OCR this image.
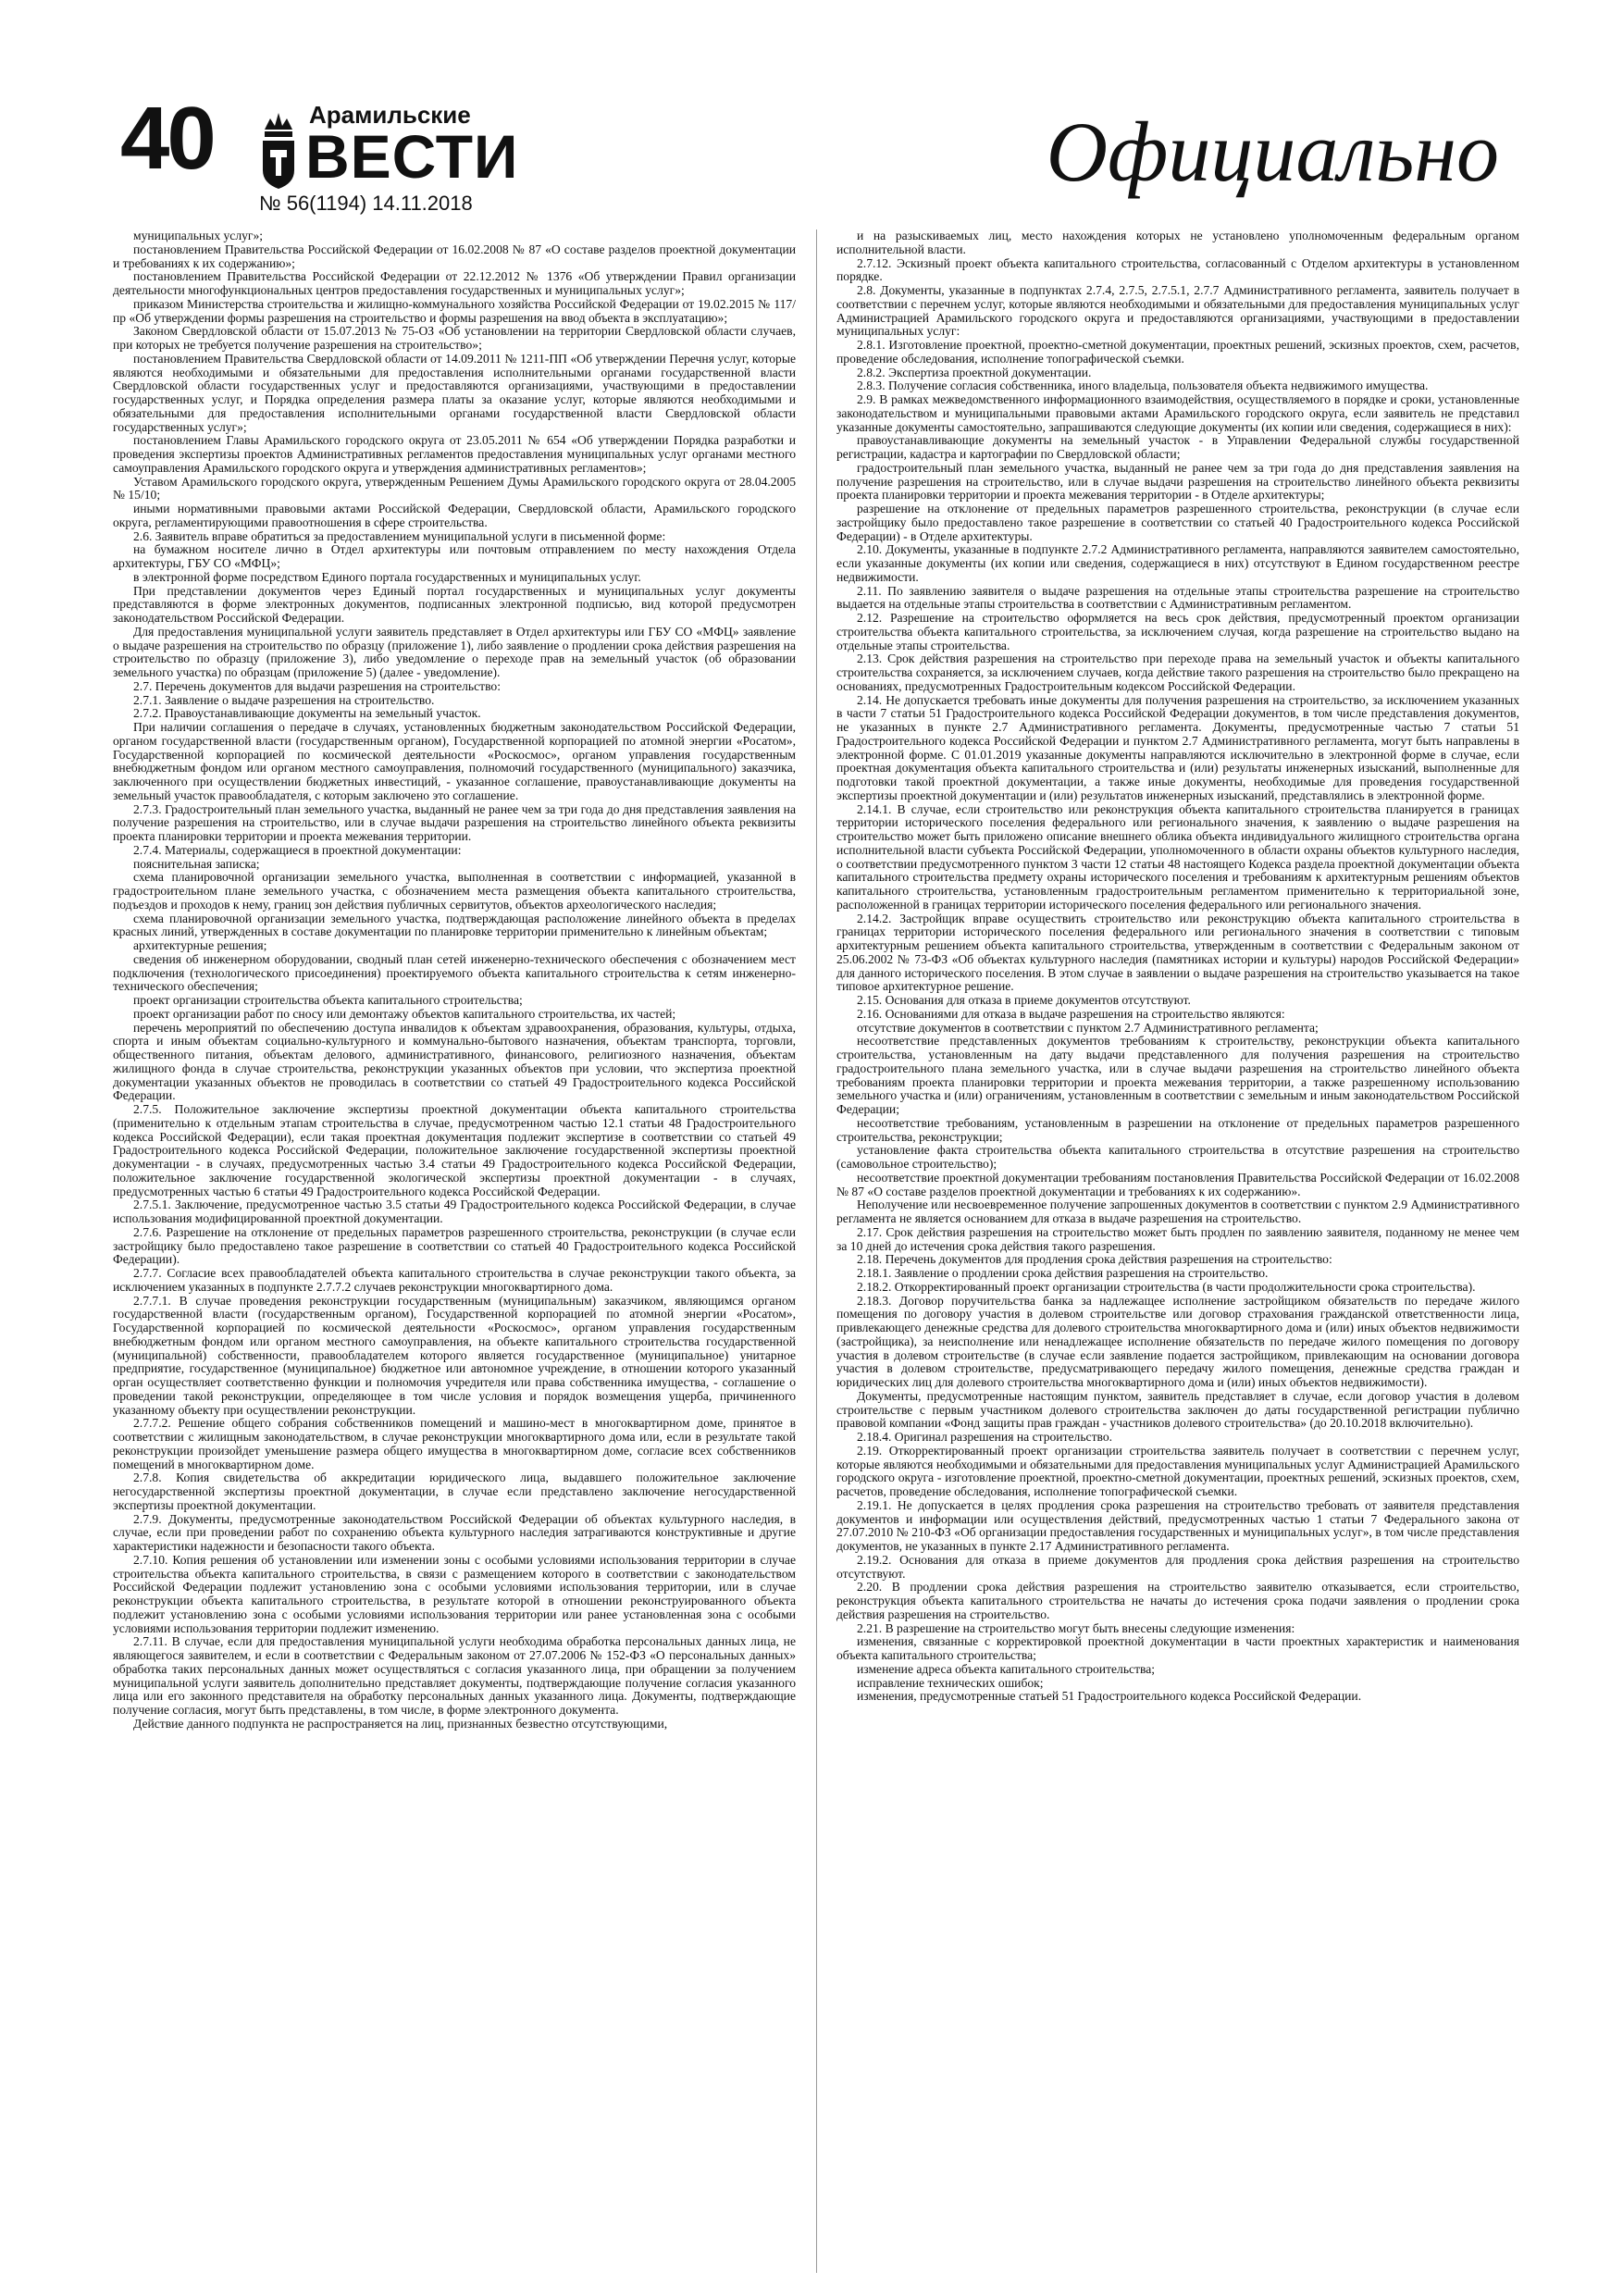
40	Арамильские
ВЕСТИ
№ 56(1194) 14.11.2018
Официально

муниципальных услуг»;

постановлением Правительства Российской Федерации от 16.02.2008 № 87 «О составе разделов проектной документации и требованиях к их содержанию»;

постановлением Правительства Российской Федерации от 22.12.2012 № 1376 «Об утверждении Правил организации деятельности многофункциональных центров предоставления государственных и муниципальных услуг»;

приказом Министерства строительства и жилищно-коммунального хозяйства Российской Федерации от 19.02.2015 № 117/пр «Об утверждении формы разрешения на строительство и формы разрешения на ввод объекта в эксплуатацию»;

Законом Свердловской области от 15.07.2013 № 75-ОЗ «Об установлении на территории Свердловской области случаев, при которых не требуется получение разрешения на строительство»;

постановлением Правительства Свердловской области от 14.09.2011 № 1211-ПП «Об утверждении Перечня услуг, которые являются необходимыми и обязательными для предоставления исполнительными органами государственной власти Свердловской области государственных услуг и предоставляются организациями, участвующими в предоставлении государственных услуг, и Порядка определения размера платы за оказание услуг, которые являются необходимыми и обязательными для предоставления исполнительными органами государственной власти Свердловской области государственных услуг»;

постановлением Главы Арамильского городского округа от 23.05.2011 № 654 «Об утверждении Порядка разработки и проведения экспертизы проектов Административных регламентов предоставления муниципальных услуг органами местного самоуправления Арамильского городского округа и утверждения административных регламентов»;

Уставом Арамильского городского округа, утвержденным Решением Думы Арамильского городского округа от 28.04.2005 № 15/10;

иными нормативными правовыми актами Российской Федерации, Свердловской области, Арамильского городского округа, регламентирующими правоотношения в сфере строительства.

2.6. Заявитель вправе обратиться за предоставлением муниципальной услуги в письменной форме:

на бумажном носителе лично в Отдел архитектуры или почтовым отправлением по месту нахождения Отдела архитектуры, ГБУ СО «МФЦ»;

в электронной форме посредством Единого портала государственных и муниципальных услуг.

При представлении документов через Единый портал государственных и муниципальных услуг документы представляются в форме электронных документов, подписанных электронной подписью, вид которой предусмотрен законодательством Российской Федерации.

Для предоставления муниципальной услуги заявитель представляет в Отдел архитектуры или ГБУ СО «МФЦ» заявление о выдаче разрешения на строительство по образцу (приложение 1), либо заявление о продлении срока действия разрешения на строительство по образцу (приложение 3), либо уведомление о переходе прав на земельный участок (об образовании земельного участка) по образцам (приложение 5) (далее - уведомление).

2.7. Перечень документов для выдачи разрешения на строительство:

2.7.1. Заявление о выдаче разрешения на строительство.

2.7.2. Правоустанавливающие документы на земельный участок.

При наличии соглашения о передаче в случаях, установленных бюджетным законодательством Российской Федерации, органом государственной власти (государственным органом), Государственной корпорацией по атомной энергии «Росатом», Государственной корпорацией по космической деятельности «Роскосмос», органом управления государственным внебюджетным фондом или органом местного самоуправления, полномочий государственного (муниципального) заказчика, заключенного при осуществлении бюджетных инвестиций, - указанное соглашение, правоустанавливающие документы на земельный участок правообладателя, с которым заключено это соглашение.

2.7.3. Градостроительный план земельного участка, выданный не ранее чем за три года до дня представления заявления на получение разрешения на строительство, или в случае выдачи разрешения на строительство линейного объекта реквизиты проекта планировки территории и проекта межевания территории.

2.7.4. Материалы, содержащиеся в проектной документации:

пояснительная записка;

схема планировочной организации земельного участка, выполненная в соответствии с информацией, указанной в градостроительном плане земельного участка, с обозначением места размещения объекта капитального строительства, подъездов и проходов к нему, границ зон действия публичных сервитутов, объектов археологического наследия;

схема планировочной организации земельного участка, подтверждающая расположение линейного объекта в пределах красных линий, утвержденных в составе документации по планировке территории применительно к линейным объектам;

архитектурные решения;

сведения об инженерном оборудовании, сводный план сетей инженерно-технического обеспечения с обозначением мест подключения (технологического присоединения) проектируемого объекта капитального строительства к сетям инженерно-технического обеспечения;

проект организации строительства объекта капитального строительства;

проект организации работ по сносу или демонтажу объектов капитального строительства, их частей;

перечень мероприятий по обеспечению доступа инвалидов к объектам здравоохранения, образования, культуры, отдыха, спорта и иным объектам социально-культурного и коммунально-бытового назначения, объектам транспорта, торговли, общественного питания, объектам делового, административного, финансового, религиозного назначения, объектам жилищного фонда в случае строительства, реконструкции указанных объектов при условии, что экспертиза проектной документации указанных объектов не проводилась в соответствии со статьей 49 Градостроительного кодекса Российской Федерации.

2.7.5. Положительное заключение экспертизы проектной документации объекта капитального строительства (применительно к отдельным этапам строительства в случае, предусмотренном частью 12.1 статьи 48 Градостроительного кодекса Российской Федерации), если такая проектная документация подлежит экспертизе в соответствии со статьей 49 Градостроительного кодекса Российской Федерации, положительное заключение государственной экспертизы проектной документации - в случаях, предусмотренных частью 3.4 статьи 49 Градостроительного кодекса Российской Федерации, положительное заключение государственной экологической экспертизы проектной документации - в случаях, предусмотренных частью 6 статьи 49 Градостроительного кодекса Российской Федерации.

2.7.5.1. Заключение, предусмотренное частью 3.5 статьи 49 Градостроительного кодекса Российской Федерации, в случае использования модифицированной проектной документации.

2.7.6. Разрешение на отклонение от предельных параметров разрешенного строительства, реконструкции (в случае если застройщику было предоставлено такое разрешение в соответствии со статьей 40 Градостроительного кодекса Российской Федерации).

2.7.7. Согласие всех правообладателей объекта капитального строительства в случае реконструкции такого объекта, за исключением указанных в подпункте 2.7.7.2 случаев реконструкции многоквартирного дома.

2.7.7.1. В случае проведения реконструкции государственным (муниципальным) заказчиком, являющимся органом государственной власти (государственным органом), Государственной корпорацией по атомной энергии «Росатом», Государственной корпорацией по космической деятельности «Роскосмос», органом управления государственным внебюджетным фондом или органом местного самоуправления, на объекте капитального строительства государственной (муниципальной) собственности, правообладателем которого является государственное (муниципальное) унитарное предприятие, государственное (муниципальное) бюджетное или автономное учреждение, в отношении которого указанный орган осуществляет соответственно функции и полномочия учредителя или права собственника имущества, - соглашение о проведении такой реконструкции, определяющее в том числе условия и порядок возмещения ущерба, причиненного указанному объекту при осуществлении реконструкции.

2.7.7.2. Решение общего собрания собственников помещений и машино-мест в многоквартирном доме, принятое в соответствии с жилищным законодательством, в случае реконструкции многоквартирного дома или, если в результате такой реконструкции произойдет уменьшение размера общего имущества в многоквартирном доме, согласие всех собственников помещений в многоквартирном доме.

2.7.8. Копия свидетельства об аккредитации юридического лица, выдавшего положительное заключение негосударственной экспертизы проектной документации, в случае если представлено заключение негосударственной экспертизы проектной документации.

2.7.9. Документы, предусмотренные законодательством Российской Федерации об объектах культурного наследия, в случае, если при проведении работ по сохранению объекта культурного наследия затрагиваются конструктивные и другие характеристики надежности и безопасности такого объекта.

2.7.10. Копия решения об установлении или изменении зоны с особыми условиями использования территории в случае строительства объекта капитального строительства, в связи с размещением которого в соответствии с законодательством Российской Федерации подлежит установлению зона с особыми условиями использования территории, или в случае реконструкции объекта капитального строительства, в результате которой в отношении реконструированного объекта подлежит установлению зона с особыми условиями использования территории или ранее установленная зона с особыми условиями использования территории подлежит изменению.

2.7.11. В случае, если для предоставления муниципальной услуги необходима обработка персональных данных лица, не являющегося заявителем, и если в соответствии с Федеральным законом от 27.07.2006 № 152-ФЗ «О персональных данных» обработка таких персональных данных может осуществляться с согласия указанного лица, при обращении за получением муниципальной услуги заявитель дополнительно представляет документы, подтверждающие получение согласия указанного лица или его законного представителя на обработку персональных данных указанного лица. Документы, подтверждающие получение согласия, могут быть представлены, в том числе, в форме электронного документа.

Действие данного подпункта не распространяется на лиц, признанных безвестно отсутствующими,

и на разыскиваемых лиц, место нахождения которых не установлено уполномоченным федеральным органом исполнительной власти.

2.7.12. Эскизный проект объекта капитального строительства, согласованный с Отделом архитектуры в установленном порядке.

2.8. Документы, указанные в подпунктах 2.7.4, 2.7.5, 2.7.5.1, 2.7.7 Административного регламента, заявитель получает в соответствии с перечнем услуг, которые являются необходимыми и обязательными для предоставления муниципальных услуг Администрацией Арамильского городского округа и предоставляются организациями, участвующими в предоставлении муниципальных услуг:

2.8.1. Изготовление проектной, проектно-сметной документации, проектных решений, эскизных проектов, схем, расчетов, проведение обследования, исполнение топографической съемки.

2.8.2. Экспертиза проектной документации.

2.8.3. Получение согласия собственника, иного владельца, пользователя объекта недвижимого имущества.

2.9. В рамках межведомственного информационного взаимодействия, осуществляемого в порядке и сроки, установленные законодательством и муниципальными правовыми актами Арамильского городского округа, если заявитель не представил указанные документы самостоятельно, запрашиваются следующие документы (их копии или сведения, содержащиеся в них):

правоустанавливающие документы на земельный участок - в Управлении Федеральной службы государственной регистрации, кадастра и картографии по Свердловской области;

градостроительный план земельного участка, выданный не ранее чем за три года до дня представления заявления на получение разрешения на строительство, или в случае выдачи разрешения на строительство линейного объекта реквизиты проекта планировки территории и проекта межевания территории - в Отделе архитектуры;

разрешение на отклонение от предельных параметров разрешенного строительства, реконструкции (в случае если застройщику было предоставлено такое разрешение в соответствии со статьей 40 Градостроительного кодекса Российской Федерации) - в Отделе архитектуры.

2.10. Документы, указанные в подпункте 2.7.2 Административного регламента, направляются заявителем самостоятельно, если указанные документы (их копии или сведения, содержащиеся в них) отсутствуют в Едином государственном реестре недвижимости.

2.11. По заявлению заявителя о выдаче разрешения на отдельные этапы строительства разрешение на строительство выдается на отдельные этапы строительства в соответствии с Административным регламентом.

2.12. Разрешение на строительство оформляется на весь срок действия, предусмотренный проектом организации строительства объекта капитального строительства, за исключением случая, когда разрешение на строительство выдано на отдельные этапы строительства.

2.13. Срок действия разрешения на строительство при переходе права на земельный участок и объекты капитального строительства сохраняется, за исключением случаев, когда действие такого разрешения на строительство было прекращено на основаниях, предусмотренных Градостроительным кодексом Российской Федерации.

2.14. Не допускается требовать иные документы для получения разрешения на строительство, за исключением указанных в части 7 статьи 51 Градостроительного кодекса Российской Федерации документов, в том числе представления документов, не указанных в пункте 2.7 Административного регламента. Документы, предусмотренные частью 7 статьи 51 Градостроительного кодекса Российской Федерации и пунктом 2.7 Административного регламента, могут быть направлены в электронной форме. С 01.01.2019 указанные документы направляются исключительно в электронной форме в случае, если проектная документация объекта капитального строительства и (или) результаты инженерных изысканий, выполненные для подготовки такой проектной документации, а также иные документы, необходимые для проведения государственной экспертизы проектной документации и (или) результатов инженерных изысканий, представлялись в электронной форме.

2.14.1. В случае, если строительство или реконструкция объекта капитального строительства планируется в границах территории исторического поселения федерального или регионального значения, к заявлению о выдаче разрешения на строительство может быть приложено описание внешнего облика объекта индивидуального жилищного строительства органа исполнительной власти субъекта Российской Федерации, уполномоченного в области охраны объектов культурного наследия, о соответствии предусмотренного пунктом 3 части 12 статьи 48 настоящего Кодекса раздела проектной документации объекта капитального строительства предмету охраны исторического поселения и требованиям к архитектурным решениям объектов капитального строительства, установленным градостроительным регламентом применительно к территориальной зоне, расположенной в границах территории исторического поселения федерального или регионального значения.

2.14.2. Застройщик вправе осуществить строительство или реконструкцию объекта капитального строительства в границах территории исторического поселения федерального или регионального значения в соответствии с типовым архитектурным решением объекта капитального строительства, утвержденным в соответствии с Федеральным законом от 25.06.2002 № 73-ФЗ «Об объектах культурного наследия (памятниках истории и культуры) народов Российской Федерации» для данного исторического поселения. В этом случае в заявлении о выдаче разрешения на строительство указывается на такое типовое архитектурное решение.

2.15. Основания для отказа в приеме документов отсутствуют.

2.16. Основаниями для отказа в выдаче разрешения на строительство являются:

отсутствие документов в соответствии с пунктом 2.7 Административного регламента;

несоответствие представленных документов требованиям к строительству, реконструкции объекта капитального строительства, установленным на дату выдачи представленного для получения разрешения на строительство градостроительного плана земельного участка, или в случае выдачи разрешения на строительство линейного объекта требованиям проекта планировки территории и проекта межевания территории, а также разрешенному использованию земельного участка и (или) ограничениям, установленным в соответствии с земельным и иным законодательством Российской Федерации;

несоответствие требованиям, установленным в разрешении на отклонение от предельных параметров разрешенного строительства, реконструкции;

установление факта строительства объекта капитального строительства в отсутствие разрешения на строительство (самовольное строительство);

несоответствие проектной документации требованиям постановления Правительства Российской Федерации от 16.02.2008 № 87 «О составе разделов проектной документации и требованиях к их содержанию».

Неполучение или несвоевременное получение запрошенных документов в соответствии с пунктом 2.9 Административного регламента не является основанием для отказа в выдаче разрешения на строительство.

2.17. Срок действия разрешения на строительство может быть продлен по заявлению заявителя, поданному не менее чем за 10 дней до истечения срока действия такого разрешения.

2.18. Перечень документов для продления срока действия разрешения на строительство:

2.18.1. Заявление о продлении срока действия разрешения на строительство.

2.18.2. Откорректированный проект организации строительства (в части продолжительности срока строительства).

2.18.3. Договор поручительства банка за надлежащее исполнение застройщиком обязательств по передаче жилого помещения по договору участия в долевом строительстве или договор страхования гражданской ответственности лица, привлекающего денежные средства для долевого строительства многоквартирного дома и (или) иных объектов недвижимости (застройщика), за неисполнение или ненадлежащее исполнение обязательств по передаче жилого помещения по договору участия в долевом строительстве (в случае если заявление подается застройщиком, привлекающим на основании договора участия в долевом строительстве, предусматривающего передачу жилого помещения, денежные средства граждан и юридических лиц для долевого строительства многоквартирного дома и (или) иных объектов недвижимости).

Документы, предусмотренные настоящим пунктом, заявитель представляет в случае, если договор участия в долевом строительстве с первым участником долевого строительства заключен до даты государственной регистрации публично правовой компании «Фонд защиты прав граждан - участников долевого строительства» (до 20.10.2018 включительно).

2.18.4. Оригинал разрешения на строительство.

2.19. Откорректированный проект организации строительства заявитель получает в соответствии с перечнем услуг, которые являются необходимыми и обязательными для предоставления муниципальных услуг Администрацией Арамильского городского округа - изготовление проектной, проектно-сметной документации, проектных решений, эскизных проектов, схем, расчетов, проведение обследования, исполнение топографической съемки.

2.19.1. Не допускается в целях продления срока разрешения на строительство требовать от заявителя представления документов и информации или осуществления действий, предусмотренных частью 1 статьи 7 Федерального закона от 27.07.2010 № 210-ФЗ «Об организации предоставления государственных и муниципальных услуг», в том числе представления документов, не указанных в пункте 2.17 Административного регламента.

2.19.2. Основания для отказа в приеме документов для продления срока действия разрешения на строительство отсутствуют.

2.20. В продлении срока действия разрешения на строительство заявителю отказывается, если строительство, реконструкция объекта капитального строительства не начаты до истечения срока подачи заявления о продлении срока действия разрешения на строительство.

2.21. В разрешение на строительство могут быть внесены следующие изменения:

изменения, связанные с корректировкой проектной документации в части проектных характеристик и наименования объекта капитального строительства;

изменение адреса объекта капитального строительства;

исправление технических ошибок;

изменения, предусмотренные статьей 51 Градостроительного кодекса Российской Федерации.
